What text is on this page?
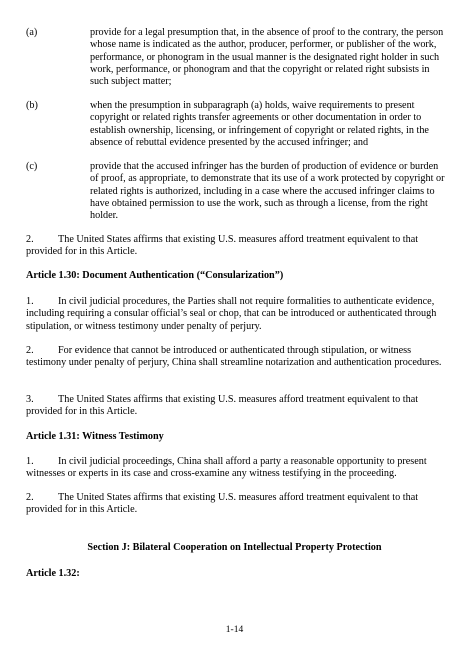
(a)	provide for a legal presumption that, in the absence of proof to the contrary, the person whose name is indicated as the author, producer, performer, or publisher of the work, performance, or phonogram in the usual manner is the designated right holder in such work, performance, or phonogram and that the copyright or related right subsists in such subject matter;
(b)	when the presumption in subparagraph (a) holds, waive requirements to present copyright or related rights transfer agreements or other documentation in order to establish ownership, licensing, or infringement of copyright or related rights, in the absence of rebuttal evidence presented by the accused infringer; and
(c)	provide that the accused infringer has the burden of production of evidence or burden of proof, as appropriate, to demonstrate that its use of a work protected by copyright or related rights is authorized, including in a case where the accused infringer claims to have obtained permission to use the work, such as through a license, from the right holder.
2. The United States affirms that existing U.S. measures afford treatment equivalent to that provided for in this Article.
Article 1.30: Document Authentication (“Consularization”)
1. In civil judicial procedures, the Parties shall not require formalities to authenticate evidence, including requiring a consular official’s seal or chop, that can be introduced or authenticated through stipulation, or witness testimony under penalty of perjury.
2. For evidence that cannot be introduced or authenticated through stipulation, or witness testimony under penalty of perjury, China shall streamline notarization and authentication procedures.
3. The United States affirms that existing U.S. measures afford treatment equivalent to that provided for in this Article.
Article 1.31: Witness Testimony
1. In civil judicial proceedings, China shall afford a party a reasonable opportunity to present witnesses or experts in its case and cross-examine any witness testifying in the proceeding.
2. The United States affirms that existing U.S. measures afford treatment equivalent to that provided for in this Article.
Section J: Bilateral Cooperation on Intellectual Property Protection
Article 1.32:
1-14
